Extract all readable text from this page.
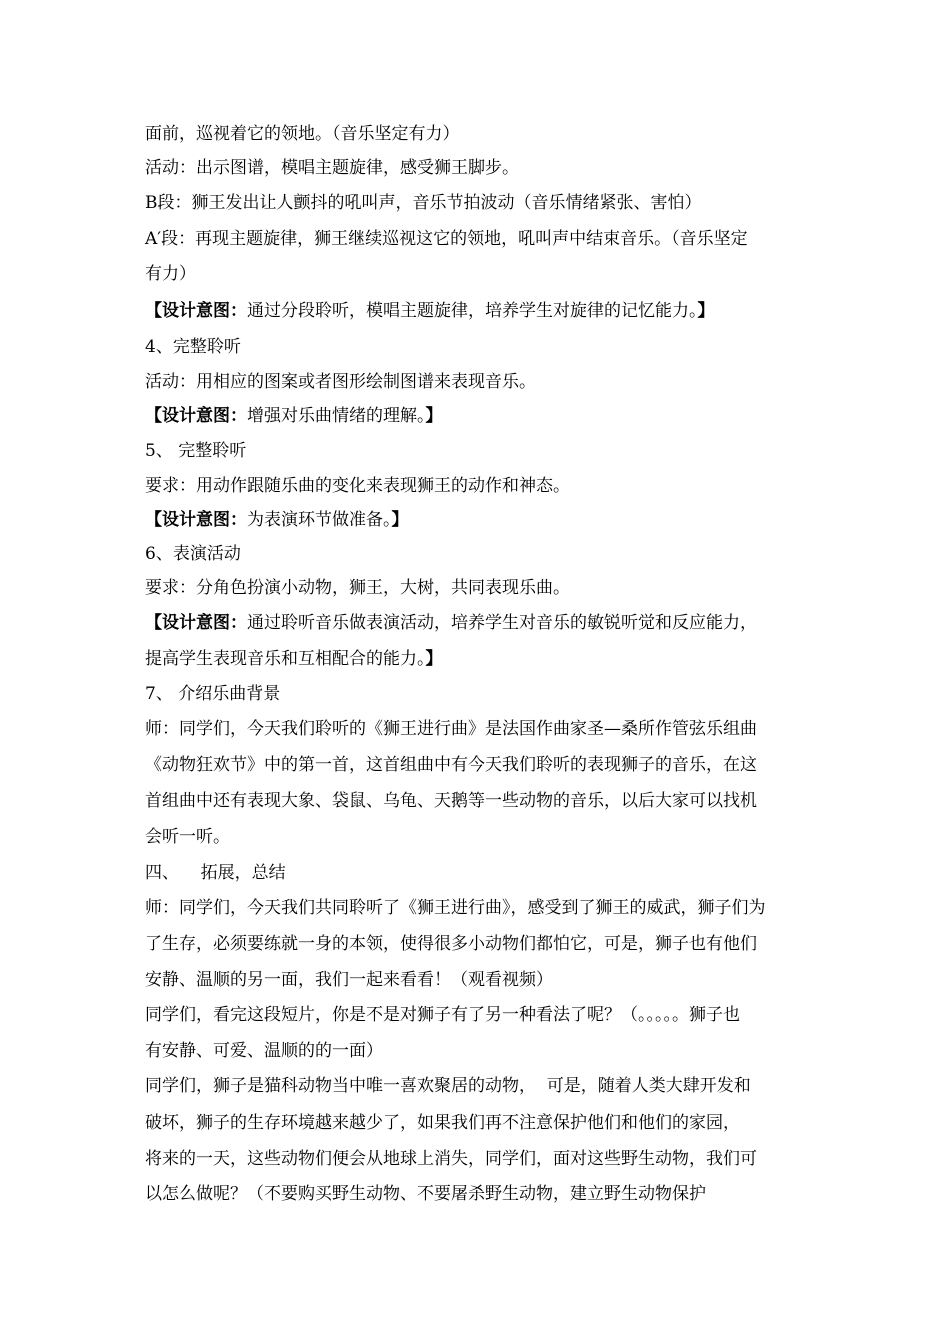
面前，巡视着它的领地。（音乐坚定有力）
活动：出示图谱，模唱主题旋律，感受狮王脚步。
B段：狮王发出让人颤抖的吼叫声，音乐节拍波动（音乐情绪紧张、害怕）
A′段：再现主题旋律，狮王继续巡视这它的领地，吼叫声中结束音乐。（音乐坚定
有力）
【设计意图：通过分段聆听，模唱主题旋律，培养学生对旋律的记忆能力。】
4、完整聆听
活动：用相应的图案或者图形绘制图谱来表现音乐。
【设计意图：增强对乐曲情绪的理解。】
5、 完整聆听
要求：用动作跟随乐曲的变化来表现狮王的动作和神态。
【设计意图：为表演环节做准备。】
6、表演活动
要求：分角色扮演小动物，狮王，大树，共同表现乐曲。
【设计意图：通过聆听音乐做表演活动，培养学生对音乐的敏锐听觉和反应能力，
提高学生表现音乐和互相配合的能力。】
7、 介绍乐曲背景
师：同学们，今天我们聆听的《狮王进行曲》是法国作曲家圣—桑所作管弦乐组曲
《动物狂欢节》中的第一首，这首组曲中有今天我们聆听的表现狮子的音乐，在这
首组曲中还有表现大象、袋鼠、乌龟、天鹅等一些动物的音乐，以后大家可以找机
会听一听。
四、    拓展，总结
师：同学们，今天我们共同聆听了《狮王进行曲》，感受到了狮王的威武，狮子们为
了生存，必须要练就一身的本领，使得很多小动物们都怕它，可是，狮子也有他们
安静、温顺的另一面，我们一起来看看！（观看视频）
同学们，看完这段短片，你是不是对狮子有了另一种看法了呢？（。。。。。狮子也
有安静、可爱、温顺的的一面）
同学们，狮子是猫科动物当中唯一喜欢聚居的动物，  可是，随着人类大肆开发和
破坏，狮子的生存环境越来越少了，如果我们再不注意保护他们和他们的家园，
将来的一天，这些动物们便会从地球上消失，同学们，面对这些野生动物，我们可
以怎么做呢？（不要购买野生动物、不要屠杀野生动物，建立野生动物保护
